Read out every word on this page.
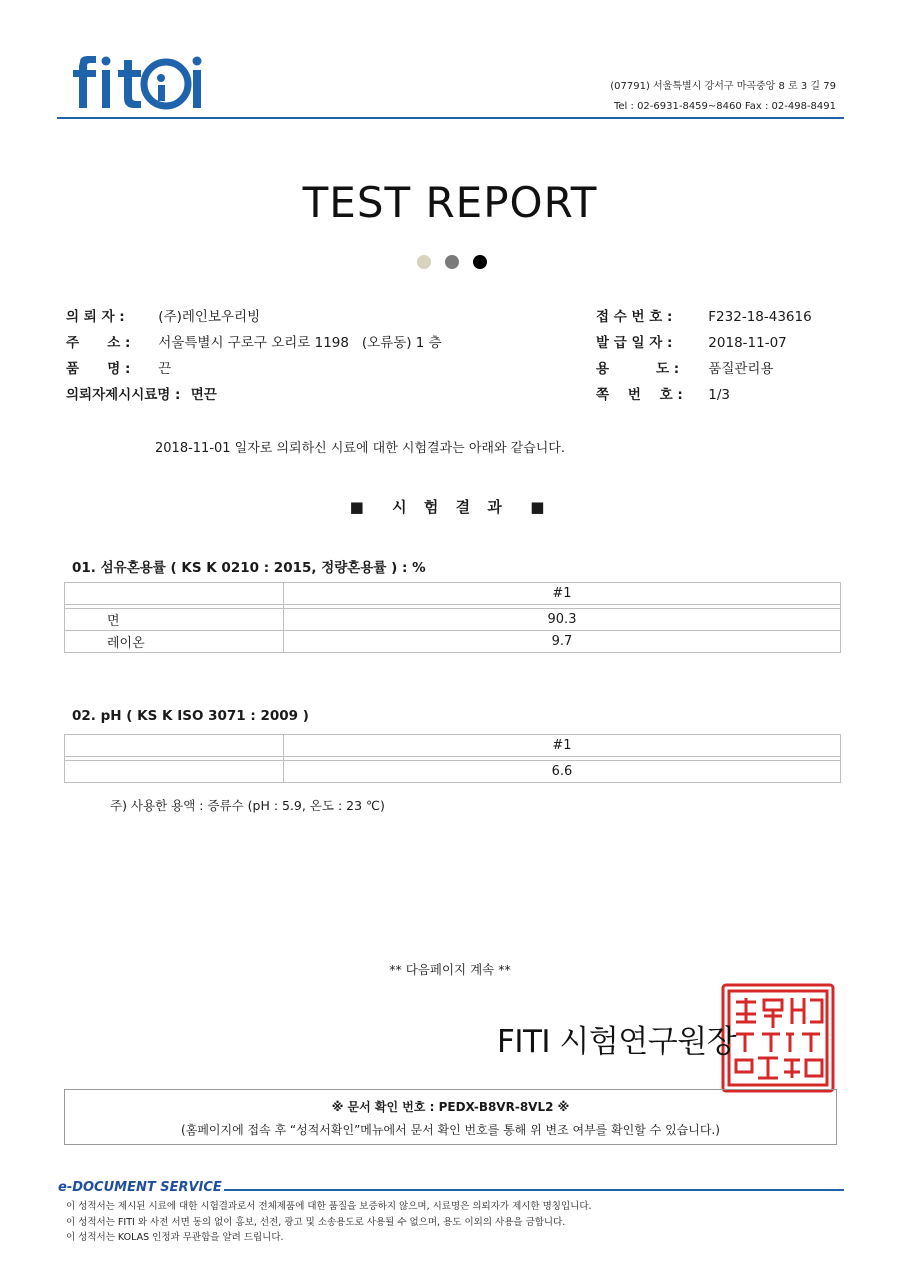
(07791) 서울특별시 강서구 마곡중앙 8 로 3 길 79
Tel : 02-6931-8459~8460 Fax : 02-498-8491
TEST REPORT
의 뢰 자 : (주)레인보우리빙
주      소 : 서울특별시 구로구 오리로 1198   (오류동) 1 층
품      명 : 끈
의뢰자제시시료명 : 면끈
접 수 번 호 :	F232-18-43616
발 급 일 자 :	2018-11-07
용          도 : 품질관리용
쪽    번    호 : 1/3
2018-11-01 일자로 의뢰하신 시료에 대한 시험결과는 아래와 같습니다.
■  시 험 결 과  ■
01. 섬유혼용률 ( KS K 0210 : 2015, 정량혼용률 ) : %
	#1

면	90.3
레이온	9.7
02. pH ( KS K ISO 3071 : 2009 )
	#1

	6.6
주) 사용한 용액 : 증류수 (pH : 5.9, 온도 : 23 ℃)
** 다음페이지 계속 **
FITI 시험연구원장
※ 문서 확인 번호 : PEDX-B8VR-8VL2 ※
(홈페이지에 접속 후 “성적서확인”메뉴에서 문서 확인 번호를 통해 위 변조 여부를 확인할 수 있습니다.)
e-DOCUMENT SERVICE
이 성적서는 제시된 시료에 대한 시험결과로서 전체제품에 대한 품질을 보증하지 않으며, 시료명은 의뢰자가 제시한 명칭입니다.
이 성적서는 FITI 와 사전 서면 동의 없이 홍보, 선전, 광고 및 소송용도로 사용될 수 없으며, 용도 이외의 사용을 금합니다.
이 성적서는 KOLAS 인정과 무관함을 알려 드립니다.
